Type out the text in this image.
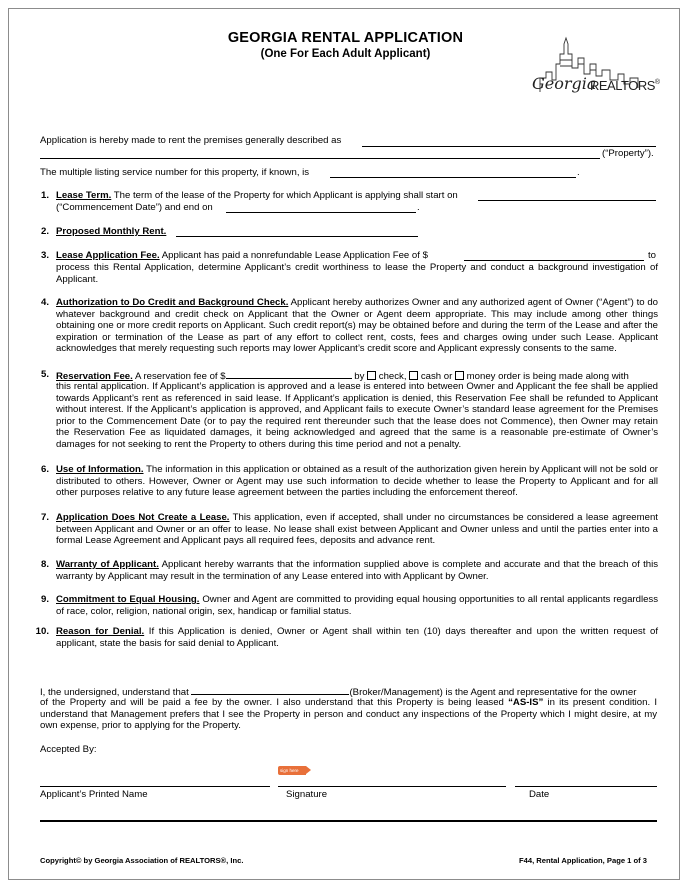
GEORGIA RENTAL APPLICATION
(One For Each Adult Applicant)
Georgia
REALTORS®
Application is hereby made to rent the premises generally described as
(“Property”).
The multiple listing service number for this property, if known, is	.
1. Lease Term. The term of the lease of the Property for which Applicant is applying shall start on
(“Commencement Date”) and end on	.
2. Proposed Monthly Rent.
3. Lease Application Fee. Applicant has paid a nonrefundable Lease Application Fee of $	to
process this Rental Application, determine Applicant’s credit worthiness to lease the Property and conduct a background investigation of Applicant.
4. Authorization to Do Credit and Background Check. Applicant hereby authorizes Owner and any authorized agent of Owner (“Agent”) to do whatever background and credit check on Applicant that the Owner or Agent deem appropriate. This may include among other things obtaining one or more credit reports on Applicant. Such credit report(s) may be obtained before and during the term of the Lease and after the expiration or termination of the Lease as part of any effort to collect rent, costs, fees and charges owing under such Lease. Applicant acknowledges that merely requesting such reports may lower Applicant’s credit score and Applicant expressly consents to the same.
5. Reservation Fee. A reservation fee of $	by check, cash or money order is being made along with
this rental application. If Applicant’s application is approved and a lease is entered into between Owner and Applicant the fee shall be applied towards Applicant’s rent as referenced in said lease. If Applicant’s application is denied, this Reservation Fee shall be refunded to Applicant without interest. If the Applicant’s application is approved, and Applicant fails to execute Owner’s standard lease agreement for the Premises prior to the Commencement Date (or to pay the required rent thereunder such that the lease does not Commence), then Owner may retain the Reservation Fee as liquidated damages, it being acknowledged and agreed that the same is a reasonable pre-estimate of Owner’s damages for not seeking to rent the Property to others during this time period and not a penalty.
6. Use of Information. The information in this application or obtained as a result of the authorization given herein by Applicant will not be sold or distributed to others. However, Owner or Agent may use such information to decide whether to lease the Property to Applicant and for all other purposes relative to any future lease agreement between the parties including the enforcement thereof.
7. Application Does Not Create a Lease. This application, even if accepted, shall under no circumstances be considered a lease agreement between Applicant and Owner or an offer to lease. No lease shall exist between Applicant and Owner unless and until the parties enter into a formal Lease Agreement and Applicant pays all required fees, deposits and advance rent.
8. Warranty of Applicant. Applicant hereby warrants that the information supplied above is complete and accurate and that the breach of this warranty by Applicant may result in the termination of any Lease entered into with Applicant by Owner.
9. Commitment to Equal Housing. Owner and Agent are committed to providing equal housing opportunities to all rental applicants regardless of race, color, religion, national origin, sex, handicap or familial status.
10. Reason for Denial. If this Application is denied, Owner or Agent shall within ten (10) days thereafter and upon the written request of applicant, state the basis for said denial to Applicant.
I, the undersigned, understand that	(Broker/Management) is the Agent and representative for the owner
of the Property and will be paid a fee by the owner. I also understand that this Property is being leased “AS-IS” in its present condition. I understand that Management prefers that I see the Property in person and conduct any inspections of the Property which I might desire, at my own expense, prior to applying for the Property.
Accepted By:
sign here
Applicant’s Printed Name	Signature	Date
Copyright© by Georgia Association of REALTORS®, Inc.	F44, Rental Application, Page 1 of 3
